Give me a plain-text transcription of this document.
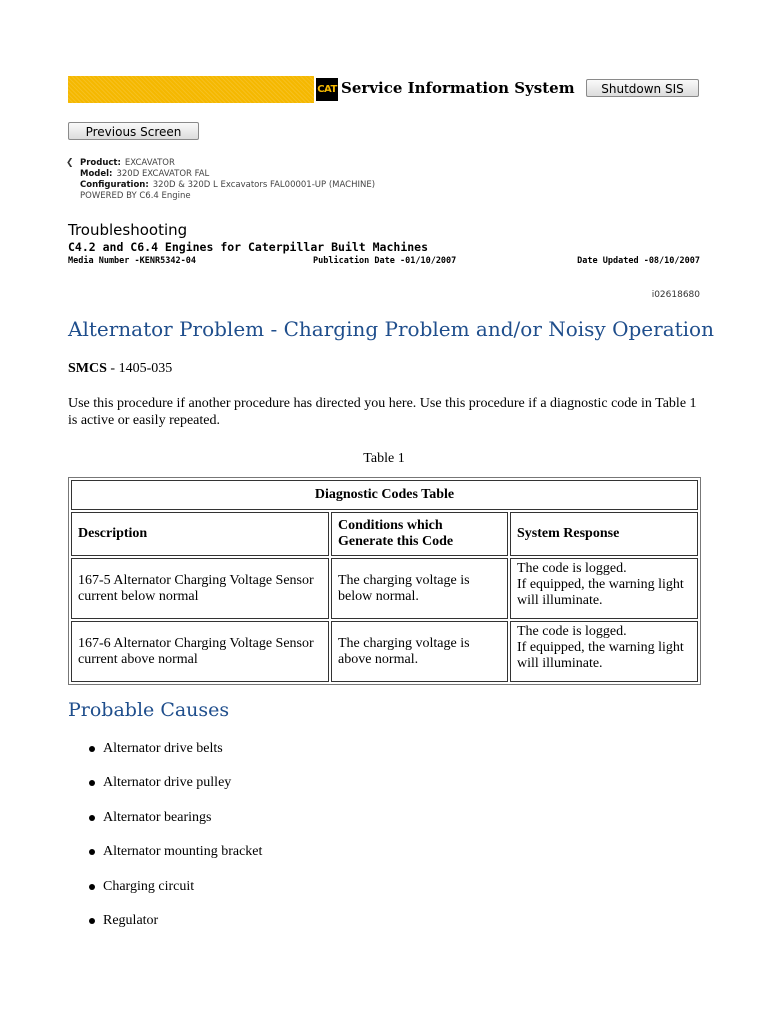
CAT Service Information System	Shutdown SIS
Previous Screen
❮ Product: EXCAVATOR
Model: 320D EXCAVATOR FAL
Configuration: 320D & 320D L Excavators FAL00001-UP (MACHINE)
POWERED BY C6.4 Engine
Troubleshooting
C4.2 and C6.4 Engines for Caterpillar Built Machines
Media Number -KENR5342-04	Publication Date -01/10/2007	Date Updated -08/10/2007
i02618680
Alternator Problem - Charging Problem and/or Noisy Operation
SMCS - 1405-035

Use this procedure if another procedure has directed you here. Use this procedure if a diagnostic code in Table 1 is active or easily repeated.

Table 1
Diagnostic Codes Table		
Description	Conditions which Generate this Code	System Response
167-5 Alternator Charging Voltage Sensor current below normal	The charging voltage is below normal.	The code is logged.
If equipped, the warning light will illuminate.

167-6 Alternator Charging Voltage Sensor current above normal	The charging voltage is above normal.	The code is logged.
If equipped, the warning light will illuminate.
Probable Causes
Alternator drive belts
Alternator drive pulley
Alternator bearings
Alternator mounting bracket
Charging circuit
Regulator
